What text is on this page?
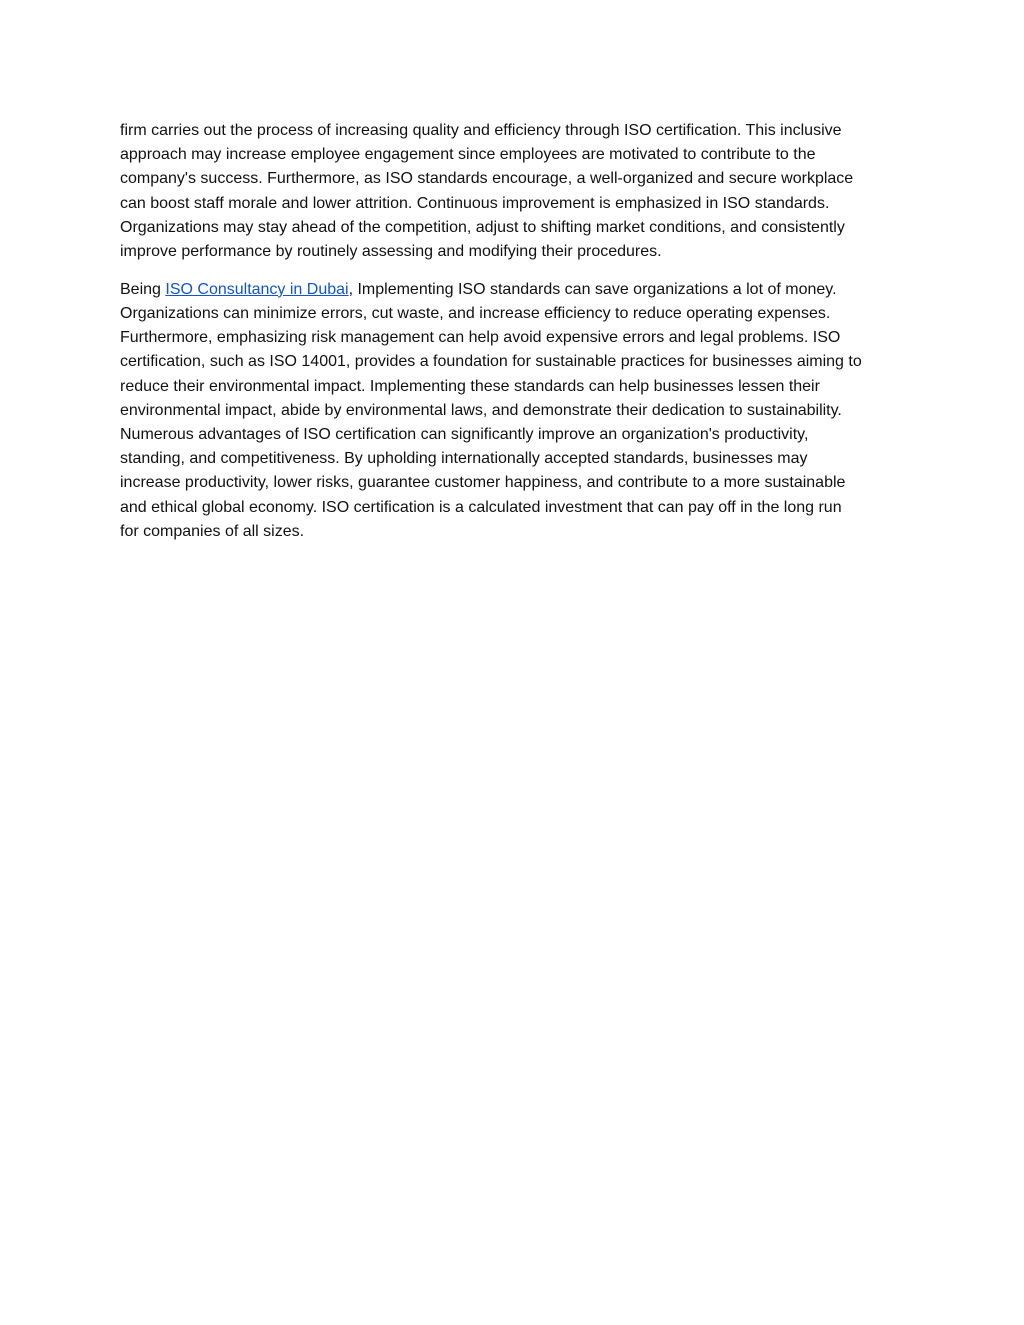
firm carries out the process of increasing quality and efficiency through ISO certification. This inclusive
approach may increase employee engagement since employees are motivated to contribute to the
company's success. Furthermore, as ISO standards encourage, a well-organized and secure workplace
can boost staff morale and lower attrition. Continuous improvement is emphasized in ISO standards.
Organizations may stay ahead of the competition, adjust to shifting market conditions, and consistently
improve performance by routinely assessing and modifying their procedures.

Being ISO Consultancy in Dubai, Implementing ISO standards can save organizations a lot of money.
Organizations can minimize errors, cut waste, and increase efficiency to reduce operating expenses.
Furthermore, emphasizing risk management can help avoid expensive errors and legal problems. ISO
certification, such as ISO 14001, provides a foundation for sustainable practices for businesses aiming to
reduce their environmental impact. Implementing these standards can help businesses lessen their
environmental impact, abide by environmental laws, and demonstrate their dedication to sustainability.
Numerous advantages of ISO certification can significantly improve an organization's productivity,
standing, and competitiveness. By upholding internationally accepted standards, businesses may
increase productivity, lower risks, guarantee customer happiness, and contribute to a more sustainable
and ethical global economy. ISO certification is a calculated investment that can pay off in the long run
for companies of all sizes.
